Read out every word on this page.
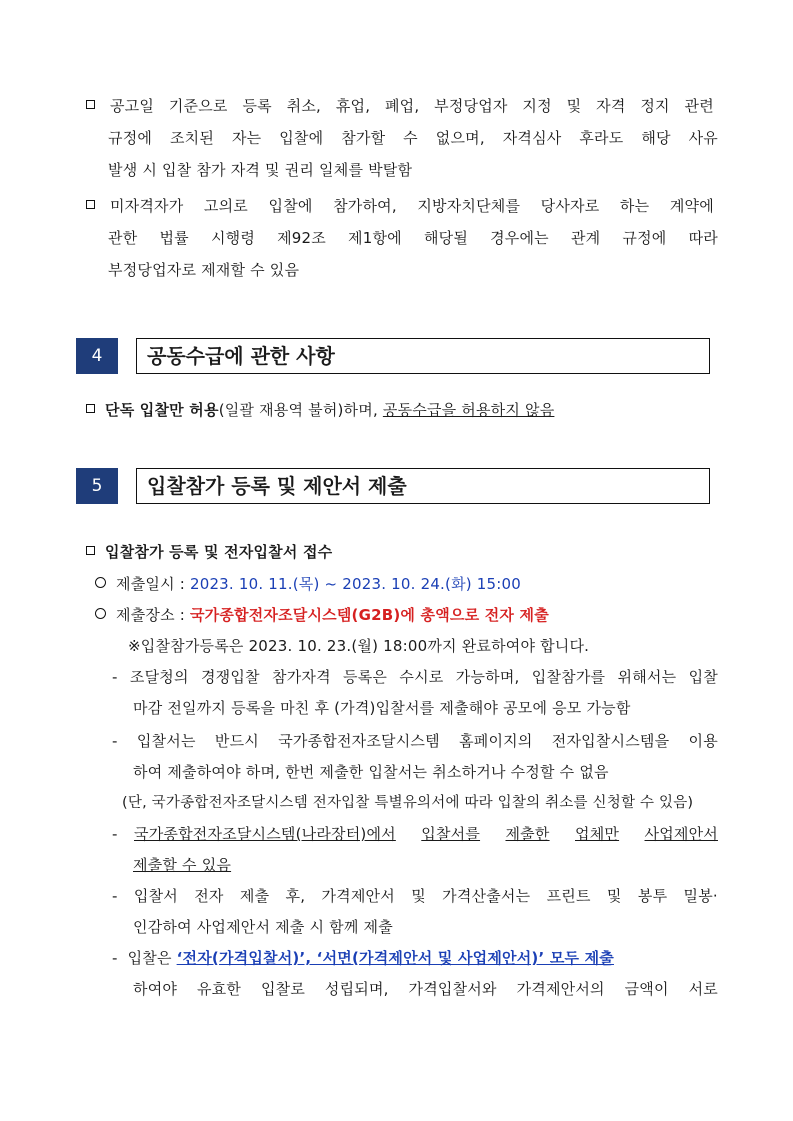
공고일 기준으로 등록 취소, 휴업, 폐업, 부정당업자 지정 및 자격 정지 관련
규정에 조치된 자는 입찰에 참가할 수 없으며, 자격심사 후라도 해당 사유
발생 시 입찰 참가 자격 및 권리 일체를 박탈함

미자격자가 고의로 입찰에 참가하여, 지방자치단체를 당사자로 하는 계약에
관한 법률 시행령 제92조 제1항에 해당될 경우에는 관계 규정에 따라
부정당업자로 제재할 수 있음
4	공동수급에 관한 사항
단독 입찰만 허용(일괄 재용역 불허)하며, 공동수급을 허용하지 않음
5	입찰참가 등록 및 제안서 제출
입찰참가 등록 및 전자입찰서 접수
제출일시 : 2023. 10. 11.(목) ~ 2023. 10. 24.(화) 15:00
제출장소 : 국가종합전자조달시스템(G2B)에 총액으로 전자 제출
※입찰참가등록은 2023. 10. 23.(월) 18:00까지 완료하여야 합니다.
- 조달청의 경쟁입찰 참가자격 등록은 수시로 가능하며, 입찰참가를 위해서는 입찰
마감 전일까지 등록을 마친 후 (가격)입찰서를 제출해야 공모에 응모 가능함
- 입찰서는 반드시 국가종합전자조달시스템 홈페이지의 전자입찰시스템을 이용
하여 제출하여야 하며, 한번 제출한 입찰서는 취소하거나 수정할 수 없음
(단, 국가종합전자조달시스템 전자입찰 특별유의서에 따라 입찰의 취소를 신청할 수 있음)
- 국가종합전자조달시스템(나라장터)에서 입찰서를 제출한 업체만 사업제안서
제출할 수 있음
- 입찰서 전자 제출 후, 가격제안서 및 가격산출서는 프린트 및 봉투 밀봉·
인감하여 사업제안서 제출 시 함께 제출
-  입찰은 ‘전자(가격입찰서)’, ‘서면(가격제안서 및 사업제안서)’ 모두 제출
하여야 유효한 입찰로 성립되며, 가격입찰서와 가격제안서의 금액이 서로
